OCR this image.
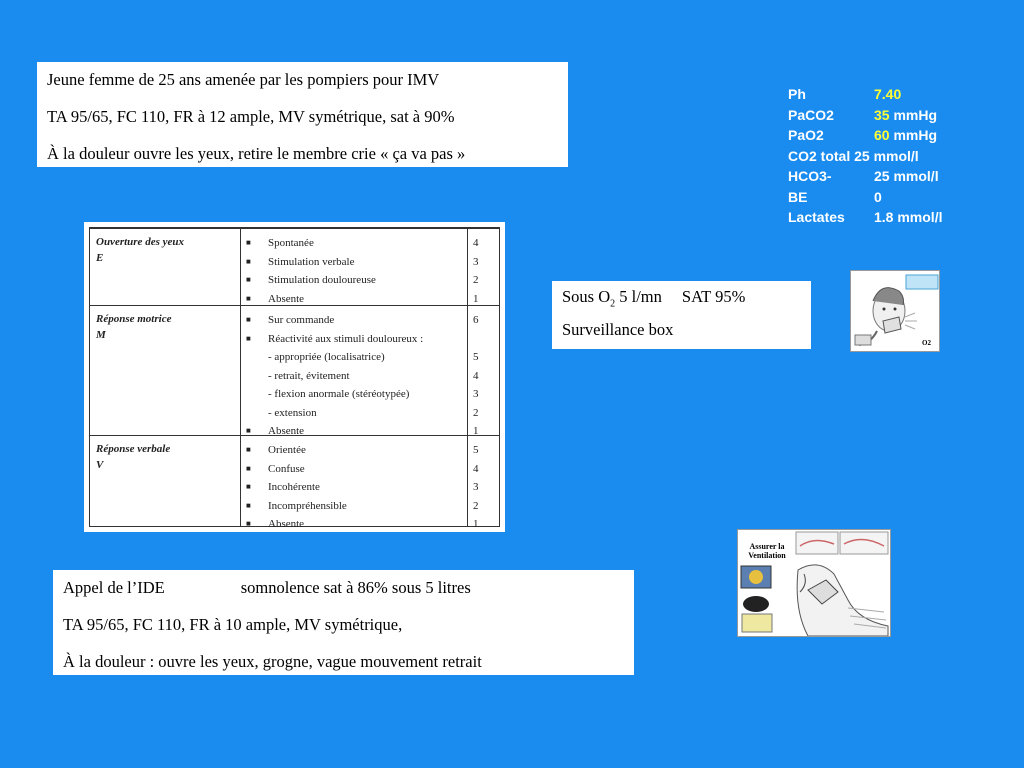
Jeune femme de 25 ans amenée par les pompiers pour IMV

TA 95/65, FC 110, FR à 12 ample, MV symétrique, sat à 90%

À la douleur ouvre les yeux, retire le membre crie « ça va pas »

Ph	7.40
PaCO2	35 mmHg
PaO2	60 mmHg
CO2 total 25 mmol/l
HCO3-	25 mmol/l
BE	0
Lactates 1.8 mmol/l
Ouverture des yeux
E
■ Spontanée	4
■ Stimulation verbale	3
■ Stimulation douloureuse	2
■ Absente	1
Réponse motrice
M
■ Sur commande	6
■ Réactivité aux stimuli douloureux :
- appropriée (localisatrice)	5
- retrait, évitement	4
- flexion anormale (stéréotypée)	3
- extension	2
■ Absente	1
Réponse verbale
V
■ Orientée	5
■ Confuse	4
■ Incohérente	3
■ Incompréhensible	2
■ Absente	1

Sous $O_2$ 5 l/mn SAT 95%

Surveillance box

O2

Appel de l’IDE	somnolence sat à 86% sous 5 litres

TA 95/65, FC 110, FR à 10 ample, MV symétrique,

À la douleur : ouvre les yeux, grogne, vague mouvement retrait

Assurer la
Ventilation
